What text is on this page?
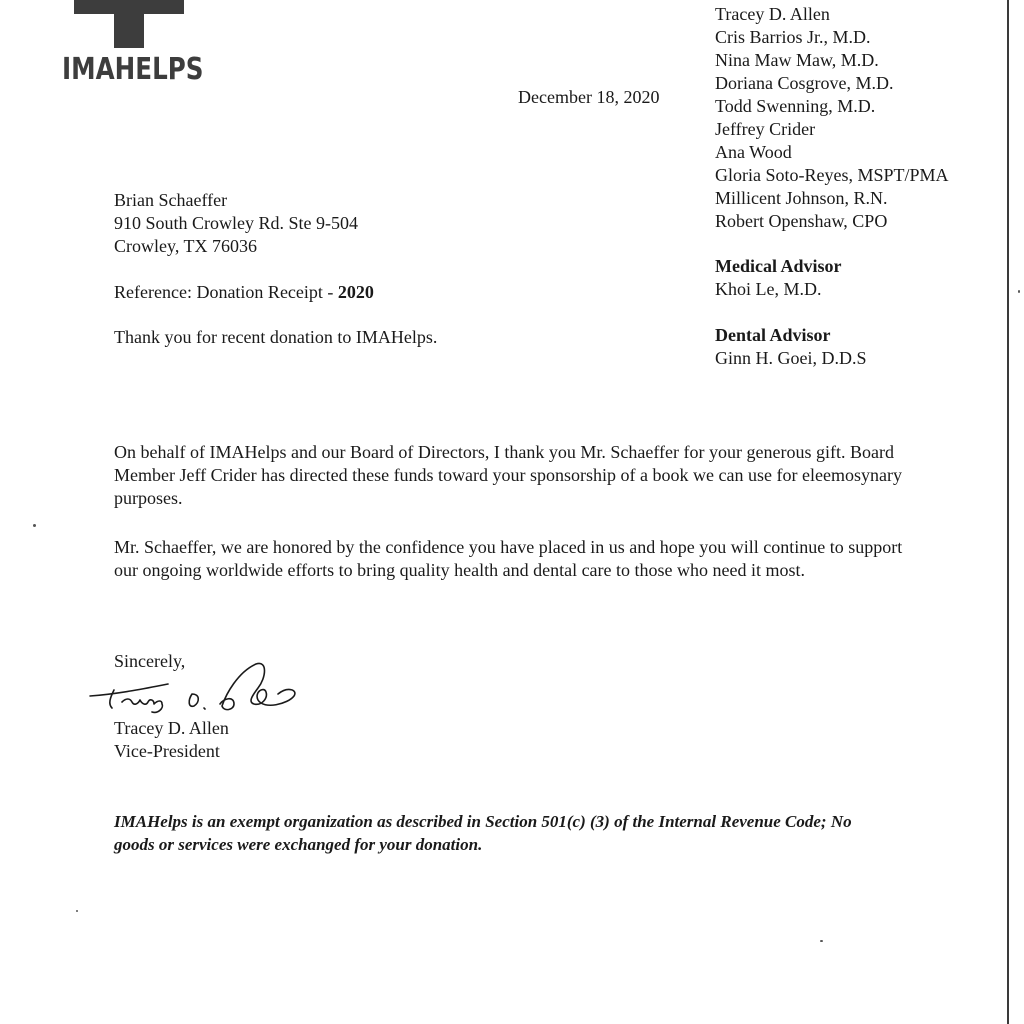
IMAHELPS
Tracey D. Allen
Cris Barrios Jr., M.D.
Nina Maw Maw, M.D.
Doriana Cosgrove, M.D.
Todd Swenning, M.D.
Jeffrey Crider
Ana Wood
Gloria Soto-Reyes, MSPT/PMA
Millicent Johnson, R.N.
Robert Openshaw, CPO
Medical Advisor
Khoi Le, M.D.
Dental Advisor
Ginn H. Goei, D.D.S
December 18, 2020
Brian Schaeffer
910 South Crowley Rd. Ste 9-504
Crowley, TX 76036
Reference: Donation Receipt - 2020
Thank you for recent donation to IMAHelps.

On behalf of IMAHelps and our Board of Directors, I thank you Mr. Schaeffer for your generous gift. Board Member Jeff Crider has directed these funds toward your sponsorship of a book we can use for eleemosynary purposes.

Mr. Schaeffer, we are honored by the confidence you have placed in us and hope you will continue to support our ongoing worldwide efforts to bring quality health and dental care to those who need it most.

Sincerely,
Tracey D. Allen
Vice-President

IMAHelps is an exempt organization as described in Section 501(c) (3) of the Internal Revenue Code; No goods or services were exchanged for your donation.
